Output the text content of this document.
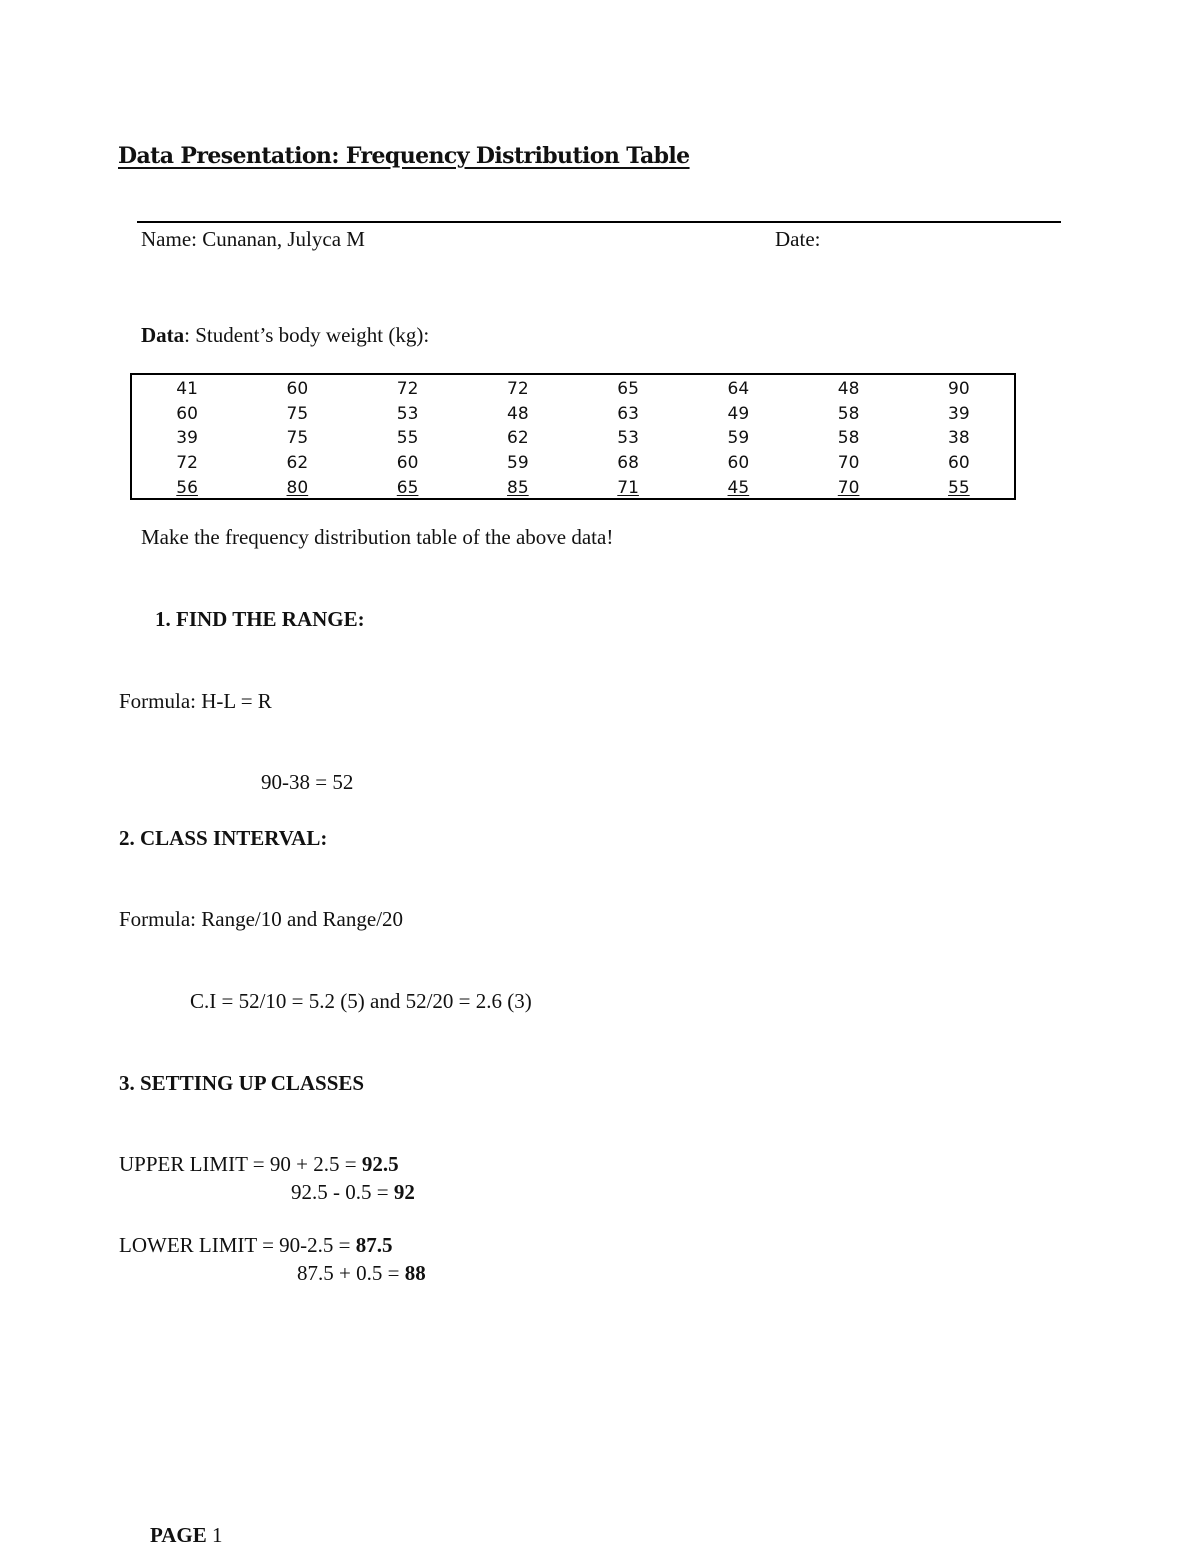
Data Presentation: Frequency Distribution Table
Name: Cunanan, Julyca M	Date:
Data: Student’s body weight (kg):
41	60	72	72	65	64	48	90
60	75	53	48	63	49	58	39
39	75	55	62	53	59	58	38
72	62	60	59	68	60	70	60
56	80	65	85	71	45	70	55
Make the frequency distribution table of the above data!
1. FIND THE RANGE:
Formula: H-L = R
90-38 = 52
2. CLASS INTERVAL:
Formula: Range/10 and Range/20
C.I = 52/10 = 5.2 (5) and 52/20 = 2.6 (3)
3. SETTING UP CLASSES
UPPER LIMIT = 90 + 2.5 = 92.5
92.5 - 0.5 = 92
LOWER LIMIT = 90-2.5 = 87.5
87.5 + 0.5 = 88
PAGE 1
